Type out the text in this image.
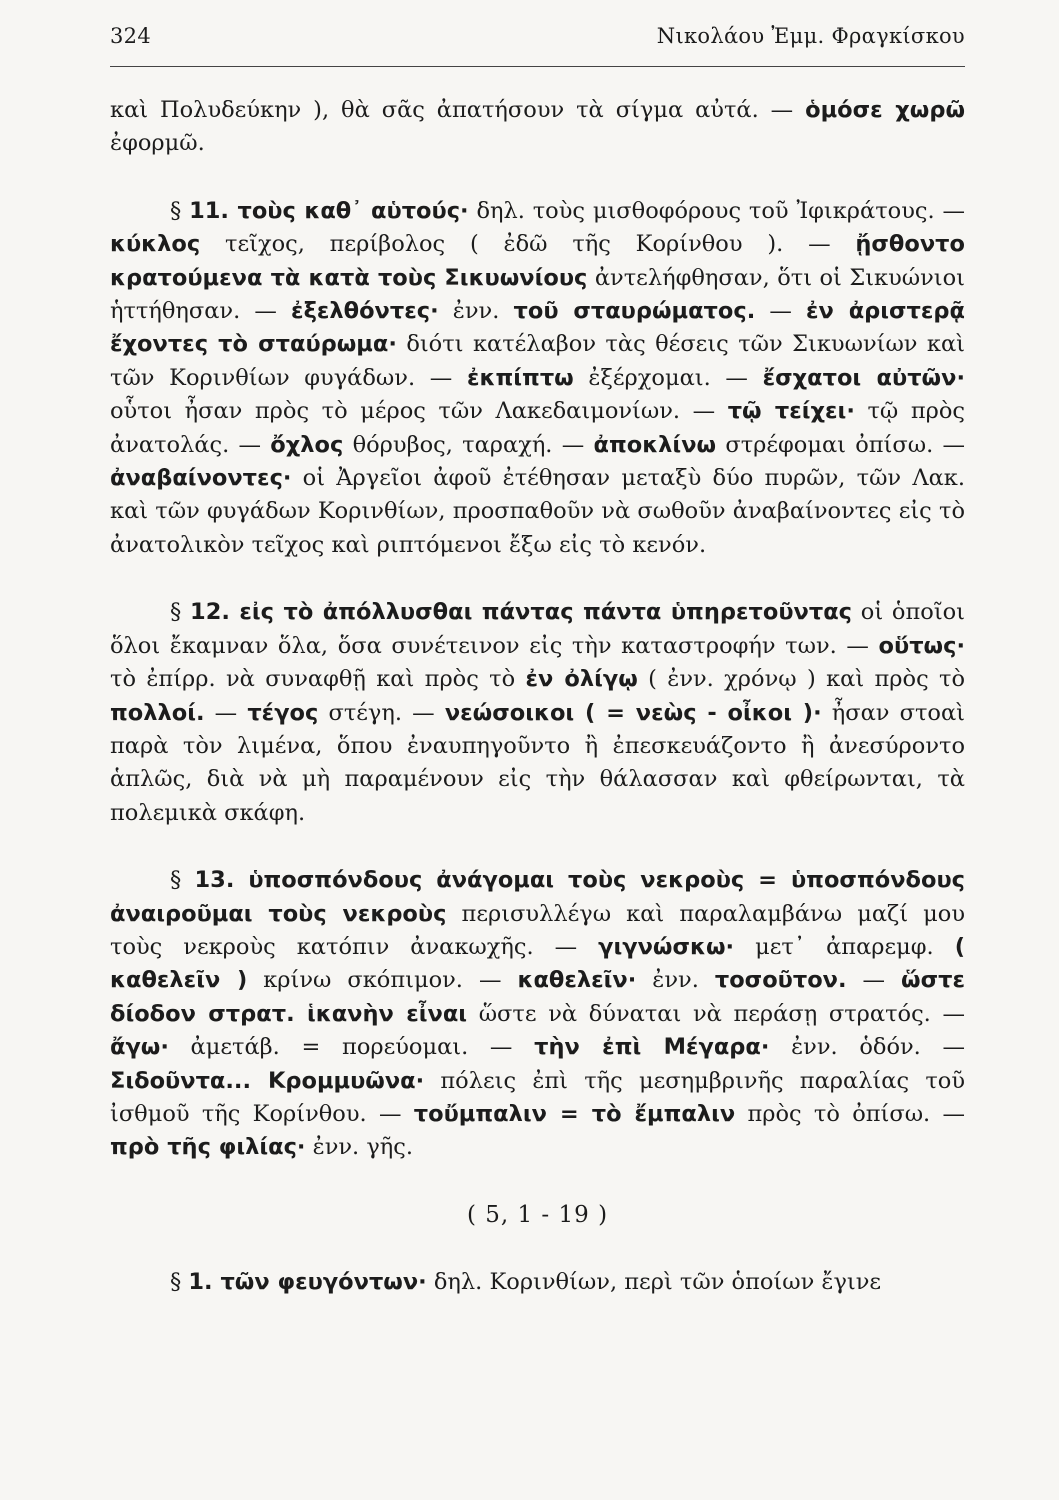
324	Νικολάου Ἐμμ. Φραγκίσκου

καὶ Πολυδεύκην ), θὰ σᾶς ἀπατήσουν τὰ σίγμα αὐτά. — ὁμόσε χωρῶ ἐφορμῶ.

§ 11. τοὺς καθ᾽ αὑτούς· δηλ. τοὺς μισθοφόρους τοῦ Ἰφικράτους. — κύκλος τεῖχος, περίβολος ( ἐδῶ τῆς Κορίνθου ). — ᾔσθοντο κρατούμενα τὰ κατὰ τοὺς Σικυωνίους ἀντελήφθησαν, ὅτι οἱ Σικυώνιοι ἡττήθησαν. — ἐξελθόντες· ἐνν. τοῦ σταυρώματος. — ἐν ἀριστερᾷ ἔχοντες τὸ σταύρωμα· διότι κατέλαβον τὰς θέσεις τῶν Σικυωνίων καὶ τῶν Κορινθίων φυγάδων. — ἐκπίπτω ἐξέρχομαι. — ἔσχατοι αὐτῶν· οὗτοι ἦσαν πρὸς τὸ μέρος τῶν Λακεδαιμονίων. — τῷ τείχει· τῷ πρὸς ἀνατολάς. — ὄχλος θόρυβος, ταραχή. — ἀποκλίνω στρέφομαι ὀπίσω. — ἀναβαίνοντες· οἱ Ἀργεῖοι ἀφοῦ ἐτέθησαν μεταξὺ δύο πυρῶν, τῶν Λακ. καὶ τῶν φυγάδων Κορινθίων, προσπαθοῦν νὰ σωθοῦν ἀναβαίνοντες εἰς τὸ ἀνατολικὸν τεῖχος καὶ ριπτόμενοι ἔξω εἰς τὸ κενόν.

§ 12. εἰς τὸ ἀπόλλυσθαι πάντας πάντα ὑπηρετοῦντας οἱ ὁποῖοι ὅλοι ἔκαμναν ὅλα, ὅσα συνέτεινον εἰς τὴν καταστροφήν των. — οὕτως· τὸ ἐπίρρ. νὰ συναφθῇ καὶ πρὸς τὸ ἐν ὀλίγῳ ( ἐνν. χρόνῳ ) καὶ πρὸς τὸ πολλοί. — τέγος στέγη. — νεώσοικοι ( = νεὼς - οἶκοι )· ἦσαν στοαὶ παρὰ τὸν λιμένα, ὅπου ἐναυπηγοῦντο ἢ ἐπεσκευάζοντο ἢ ἀνεσύροντο ἁπλῶς, διὰ νὰ μὴ παραμένουν εἰς τὴν θάλασσαν καὶ φθείρωνται, τὰ πολεμικὰ σκάφη.

§ 13. ὑποσπόνδους ἀνάγομαι τοὺς νεκροὺς = ὑποσπόνδους ἀναιροῦμαι τοὺς νεκροὺς περισυλλέγω καὶ παραλαμβάνω μαζί μου τοὺς νεκροὺς κατόπιν ἀνακωχῆς. — γιγνώσκω· μετ᾽ ἀπαρεμφ. ( καθελεῖν ) κρίνω σκόπιμον. — καθελεῖν· ἐνν. τοσοῦτον. — ὥστε δίοδον στρατ. ἱκανὴν εἶναι ὥστε νὰ δύναται νὰ περάσῃ στρατός. — ἄγω· ἀμετάβ. = πορεύομαι. — τὴν ἐπὶ Μέγαρα· ἐνν. ὁδόν. — Σιδοῦντα... Κρομμυῶνα· πόλεις ἐπὶ τῆς μεσημβρινῆς παραλίας τοῦ ἰσθμοῦ τῆς Κορίνθου. — τοὔμπαλιν = τὸ ἔμπαλιν πρὸς τὸ ὀπίσω. — πρὸ τῆς φιλίας· ἐνν. γῆς.

( 5, 1 - 19 )

§ 1. τῶν φευγόντων· δηλ. Κορινθίων, περὶ τῶν ὁποίων ἔγινε
